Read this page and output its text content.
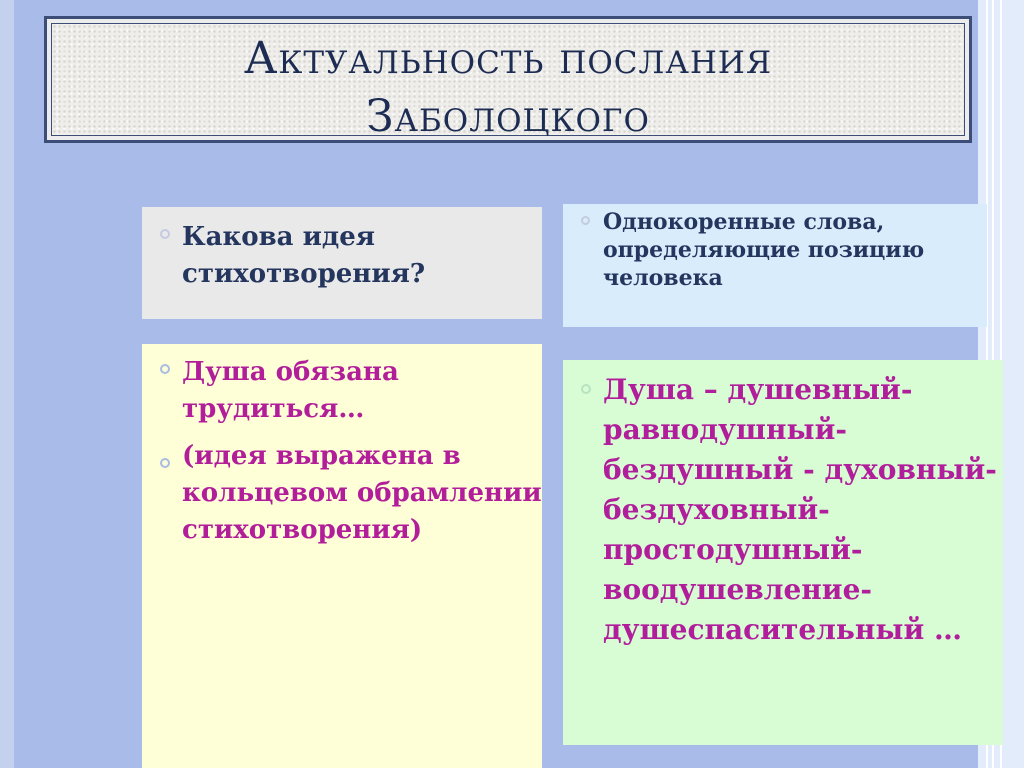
Актуальность послания
Заболоцкого
Какова идея стихотворения?
Однокоренные слова, определяющие позицию человека
Душа обязана трудиться…
(идея выражена в кольцевом обрамлении стихотворения)
Душа – душевный-равнодушный-бездушный - духовный-бездуховный-простодушный-воодушевление-душеспасительный …
